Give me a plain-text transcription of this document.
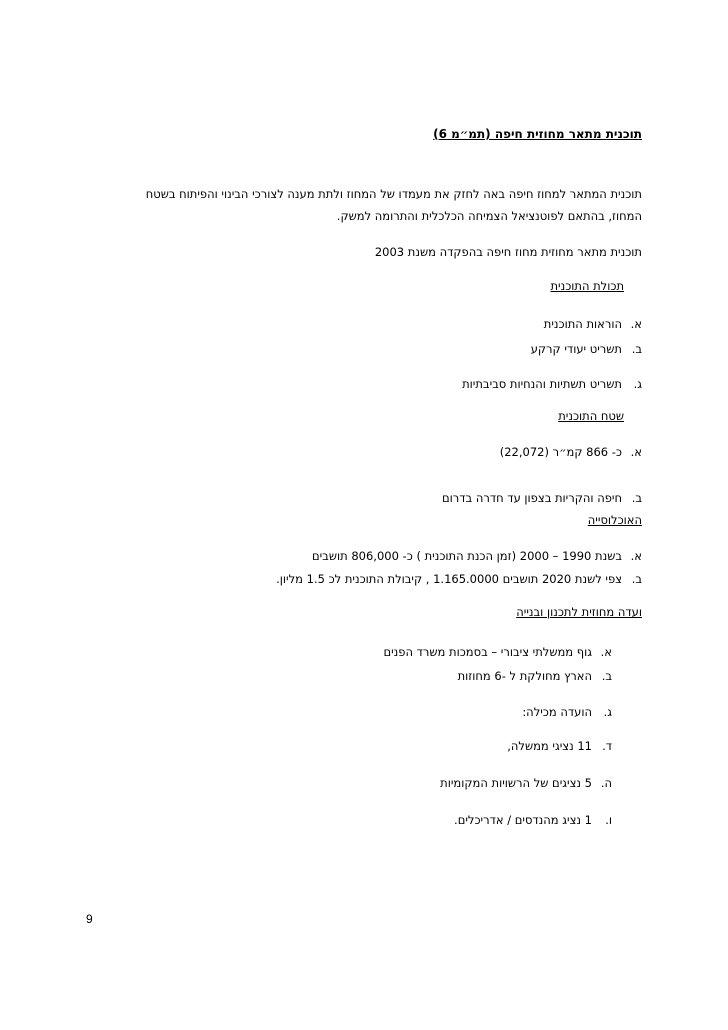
תוכנית מתאר מחוזית חיפה (תמ״מ 6)
תוכנית המתאר למחוז חיפה באה לחזק את מעמדו של המחוז ולתת מענה לצורכי הבינוי והפיתוח בשטח
המחוז, בהתאם לפוטנציאל הצמיחה הכלכלית והתרומה למשק.
תוכנית מתאר מחוזית מחוז חיפה בהפקדה משנת 2003
תכולת התוכנית
א.
הוראות התוכנית
ב.
תשריט יעודי קרקע
ג.
תשריט תשתיות והנחיות סביבתיות
שטח התוכנית
א.
כ- 866 קמ״ר (22,072)
ב.
חיפה והקריות בצפון עד חדרה בדרום
האוכלוסייה
א.
בשנת 1990 – 2000 (זמן הכנת התוכנית ) כ- 806,000 תושבים
ב.
צפי לשנת 2020 תושבים 1.165.0000 , קיבולת התוכנית לכ 1.5 מליון.
ועדה מחוזית לתכנון ובנייה
א.
גוף ממשלתי ציבורי – בסמכות משרד הפנים
ב.
הארץ מחולקת ל -6 מחוזות
ג.
הועדה מכילה:
ד.
11 נציגי ממשלה,
ה.
5 נציגים של הרשויות המקומיות
ו.
1 נציג מהנדסים / אדריכלים.
9
